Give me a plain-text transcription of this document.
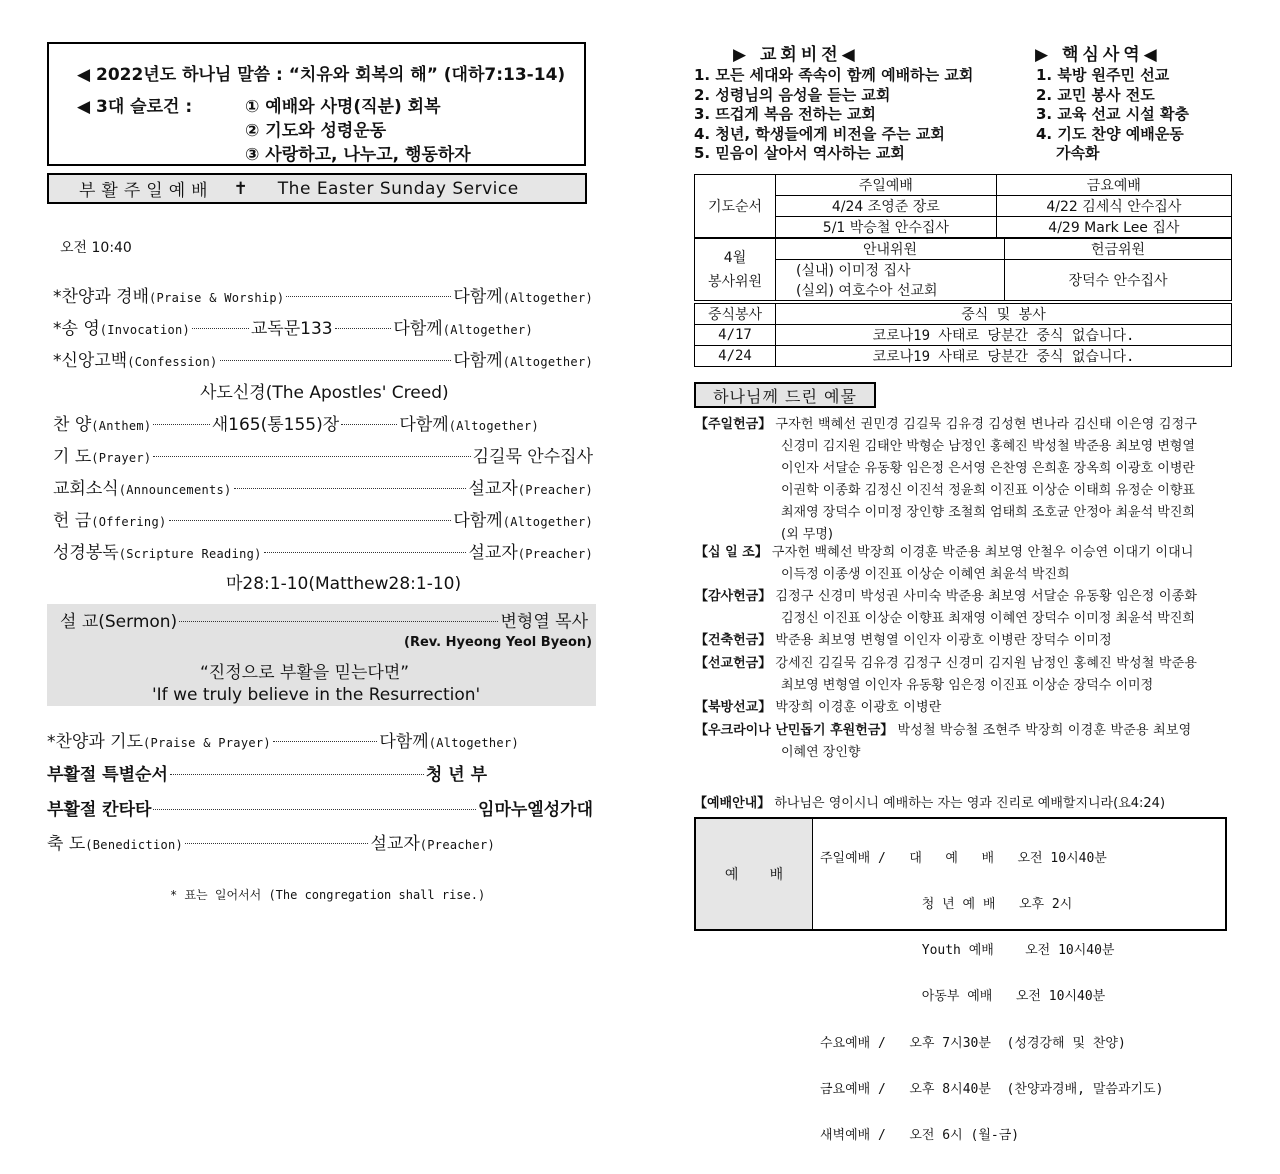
◀ 2022년도 하나님 말씀 : “치유와 회복의 해” (대하7:13-14)
◀ 3대 슬로건 :	① 예배와 사명(직분) 회복
② 기도와 성령운동
③ 사랑하고, 나누고, 행동하자
부활주일예배 ✝ The Easter Sunday Service
오전 10:40
*찬양과 경배 (Praise & Worship)	다함께 (Altogether)
*송 영 (Invocation)	교독문133	다함께 (Altogether)
*신앙고백 (Confession)	다함께 (Altogether)
사도신경(The Apostles' Creed)
찬 양 (Anthem)	새165(통155)장	다함께 (Altogether)
기 도 (Prayer)	김길묵 안수집사
교회소식 (Announcements)	설교자 (Preacher)
헌 금 (Offering)	다함께 (Altogether)
성경봉독 (Scripture Reading)	설교자 (Preacher)
마28:1-10(Matthew28:1-10)
설 교(Sermon)	변형열 목사
(Rev. Hyeong Yeol Byeon)
“진정으로 부활을 믿는다면”
'If we truly believe in the Resurrection'
*찬양과 기도 (Praise & Prayer)	다함께 (Altogether)
부활절 특별순서	청 년 부
부활절 칸타타	임마누엘성가대
축 도 (Benediction)	설교자 (Preacher)
* 표는 일어서서 (The congregation shall rise.)
▶ 교회비전◀
1. 모든 세대와 족속이 함께 예배하는 교회
2. 성령님의 음성을 듣는 교회
3. 뜨겁게 복음 전하는 교회
4. 청년, 학생들에게 비전을 주는 교회
5. 믿음이 살아서 역사하는 교회
▶ 핵심사역◀
1. 북방 원주민 선교
2. 교민 봉사 전도
3. 교육 선교 시설 확충
4. 기도 찬양 예배운동
가속화
기도순서	주일예배	금요예배
	4/24 조영준 장로	4/22 김세식 안수집사
	5/1 박승철 안수집사	4/29 Mark Lee 집사
4월
봉사위원	안내위원	헌금위원
	(실내) 이미정 집사	장덕수 안수집사
	(실외) 여호수아 선교회	
중식봉사	중식 및 봉사
4/17	코로나19 사태로 당분간 중식 없습니다.
4/24	코로나19 사태로 당분간 중식 없습니다.
하나님께 드린 예물
【주일헌금】 구자헌 백혜선 권민경 김길묵 김유경 김성현 변나라 김신태 이은영 김정구
신경미 김지원 김태안 박형순 남정인 홍혜진 박성철 박준용 최보영 변형열
이인자 서달순 유동황 임은정 은서영 은찬영 은희훈 장옥희 이광호 이병란
이권학 이종화 김정신 이진석 정윤희 이진표 이상순 이태희 유정순 이향표
최재영 장덕수 이미정 장인향 조철희 엄태희 조호균 안정아 최윤석 박진희
(외 무명)
【십 일 조】 구자헌 백혜선 박장희 이경훈 박준용 최보영 안철우 이승연 이대기 이대니
이득정 이종생 이진표 이상순 이혜연 최윤석 박진희
【감사헌금】 김정구 신경미 박성권 사미숙 박준용 최보영 서달순 유동황 임은정 이종화
김정신 이진표 이상순 이향표 최재영 이혜연 장덕수 이미정 최윤석 박진희
【건축헌금】 박준용 최보영 변형열 이인자 이광호 이병란 장덕수 이미정
【선교헌금】 강세진 김길묵 김유경 김정구 신경미 김지원 남정인 홍혜진 박성철 박준용
최보영 변형열 이인자 유동황 임은정 이진표 이상순 장덕수 이미정
【북방선교】 박장희 이경훈 이광호 이병란
【우크라이나 난민돕기 후원헌금】 박성철 박승철 조현주 박장희 이경훈 박준용 최보영
이혜연 장인향
【예배안내】 하나님은 영이시니 예배하는 자는 영과 진리로 예배할지니라(요4:24)
예       배

주일예배 /   대   예   배   오전 10시40분

청 년 예 배   오후 2시

Youth 예배    오전 10시40분

아동부 예배   오전 10시40분

수요예배 /   오후 7시30분  (성경강해 및 찬양)

금요예배 /   오후 8시40분  (찬양과경배, 말씀과기도)

새벽예배 /   오전 6시 (월-금)
